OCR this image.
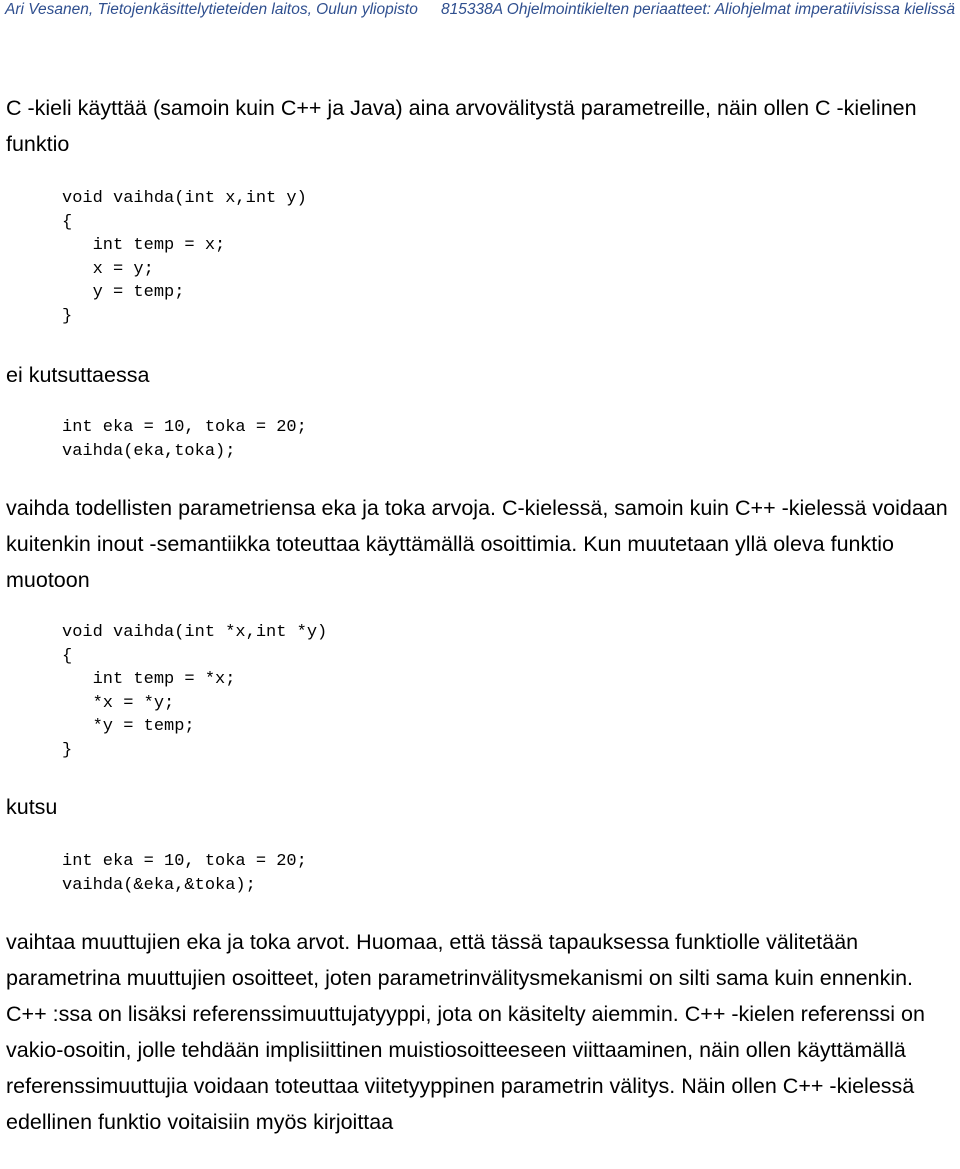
Ari Vesanen, Tietojenkäsittelytieteiden laitos, Oulun yliopisto 815338A Ohjelmointikielten periaatteet: Aliohjelmat imperatiivisissa kielissä

C -kieli käyttää (samoin kuin C++ ja Java) aina arvovälitystä parametreille, näin ollen C -kielinen funktio

void vaihda(int x,int y)
{
int temp = x;
x = y;
y = temp;
}

ei kutsuttaessa

int eka = 10, toka = 20;
vaihda(eka,toka);

vaihda todellisten parametriensa eka ja toka arvoja. C-kielessä, samoin kuin C++ -kielessä voidaan kuitenkin inout -semantiikka toteuttaa käyttämällä osoittimia. Kun muutetaan yllä oleva funktio muotoon

void vaihda(int *x,int *y)
{
int temp = *x;
*x = *y;
*y = temp;
}

kutsu

int eka = 10, toka = 20;
vaihda(&eka,&toka);

vaihtaa muuttujien eka ja toka arvot. Huomaa, että tässä tapauksessa funktiolle välitetään parametrina muuttujien osoitteet, joten parametrinvälitysmekanismi on silti sama kuin ennenkin. C++ :ssa on lisäksi referenssimuuttujatyyppi, jota on käsitelty aiemmin. C++ -kielen referenssi on vakio-osoitin, jolle tehdään implisiittinen muistiosoitteeseen viittaaminen, näin ollen käyttämällä referenssimuuttujia voidaan toteuttaa viitetyyppinen parametrin välitys. Näin ollen C++ -kielessä edellinen funktio voitaisiin myös kirjoittaa
